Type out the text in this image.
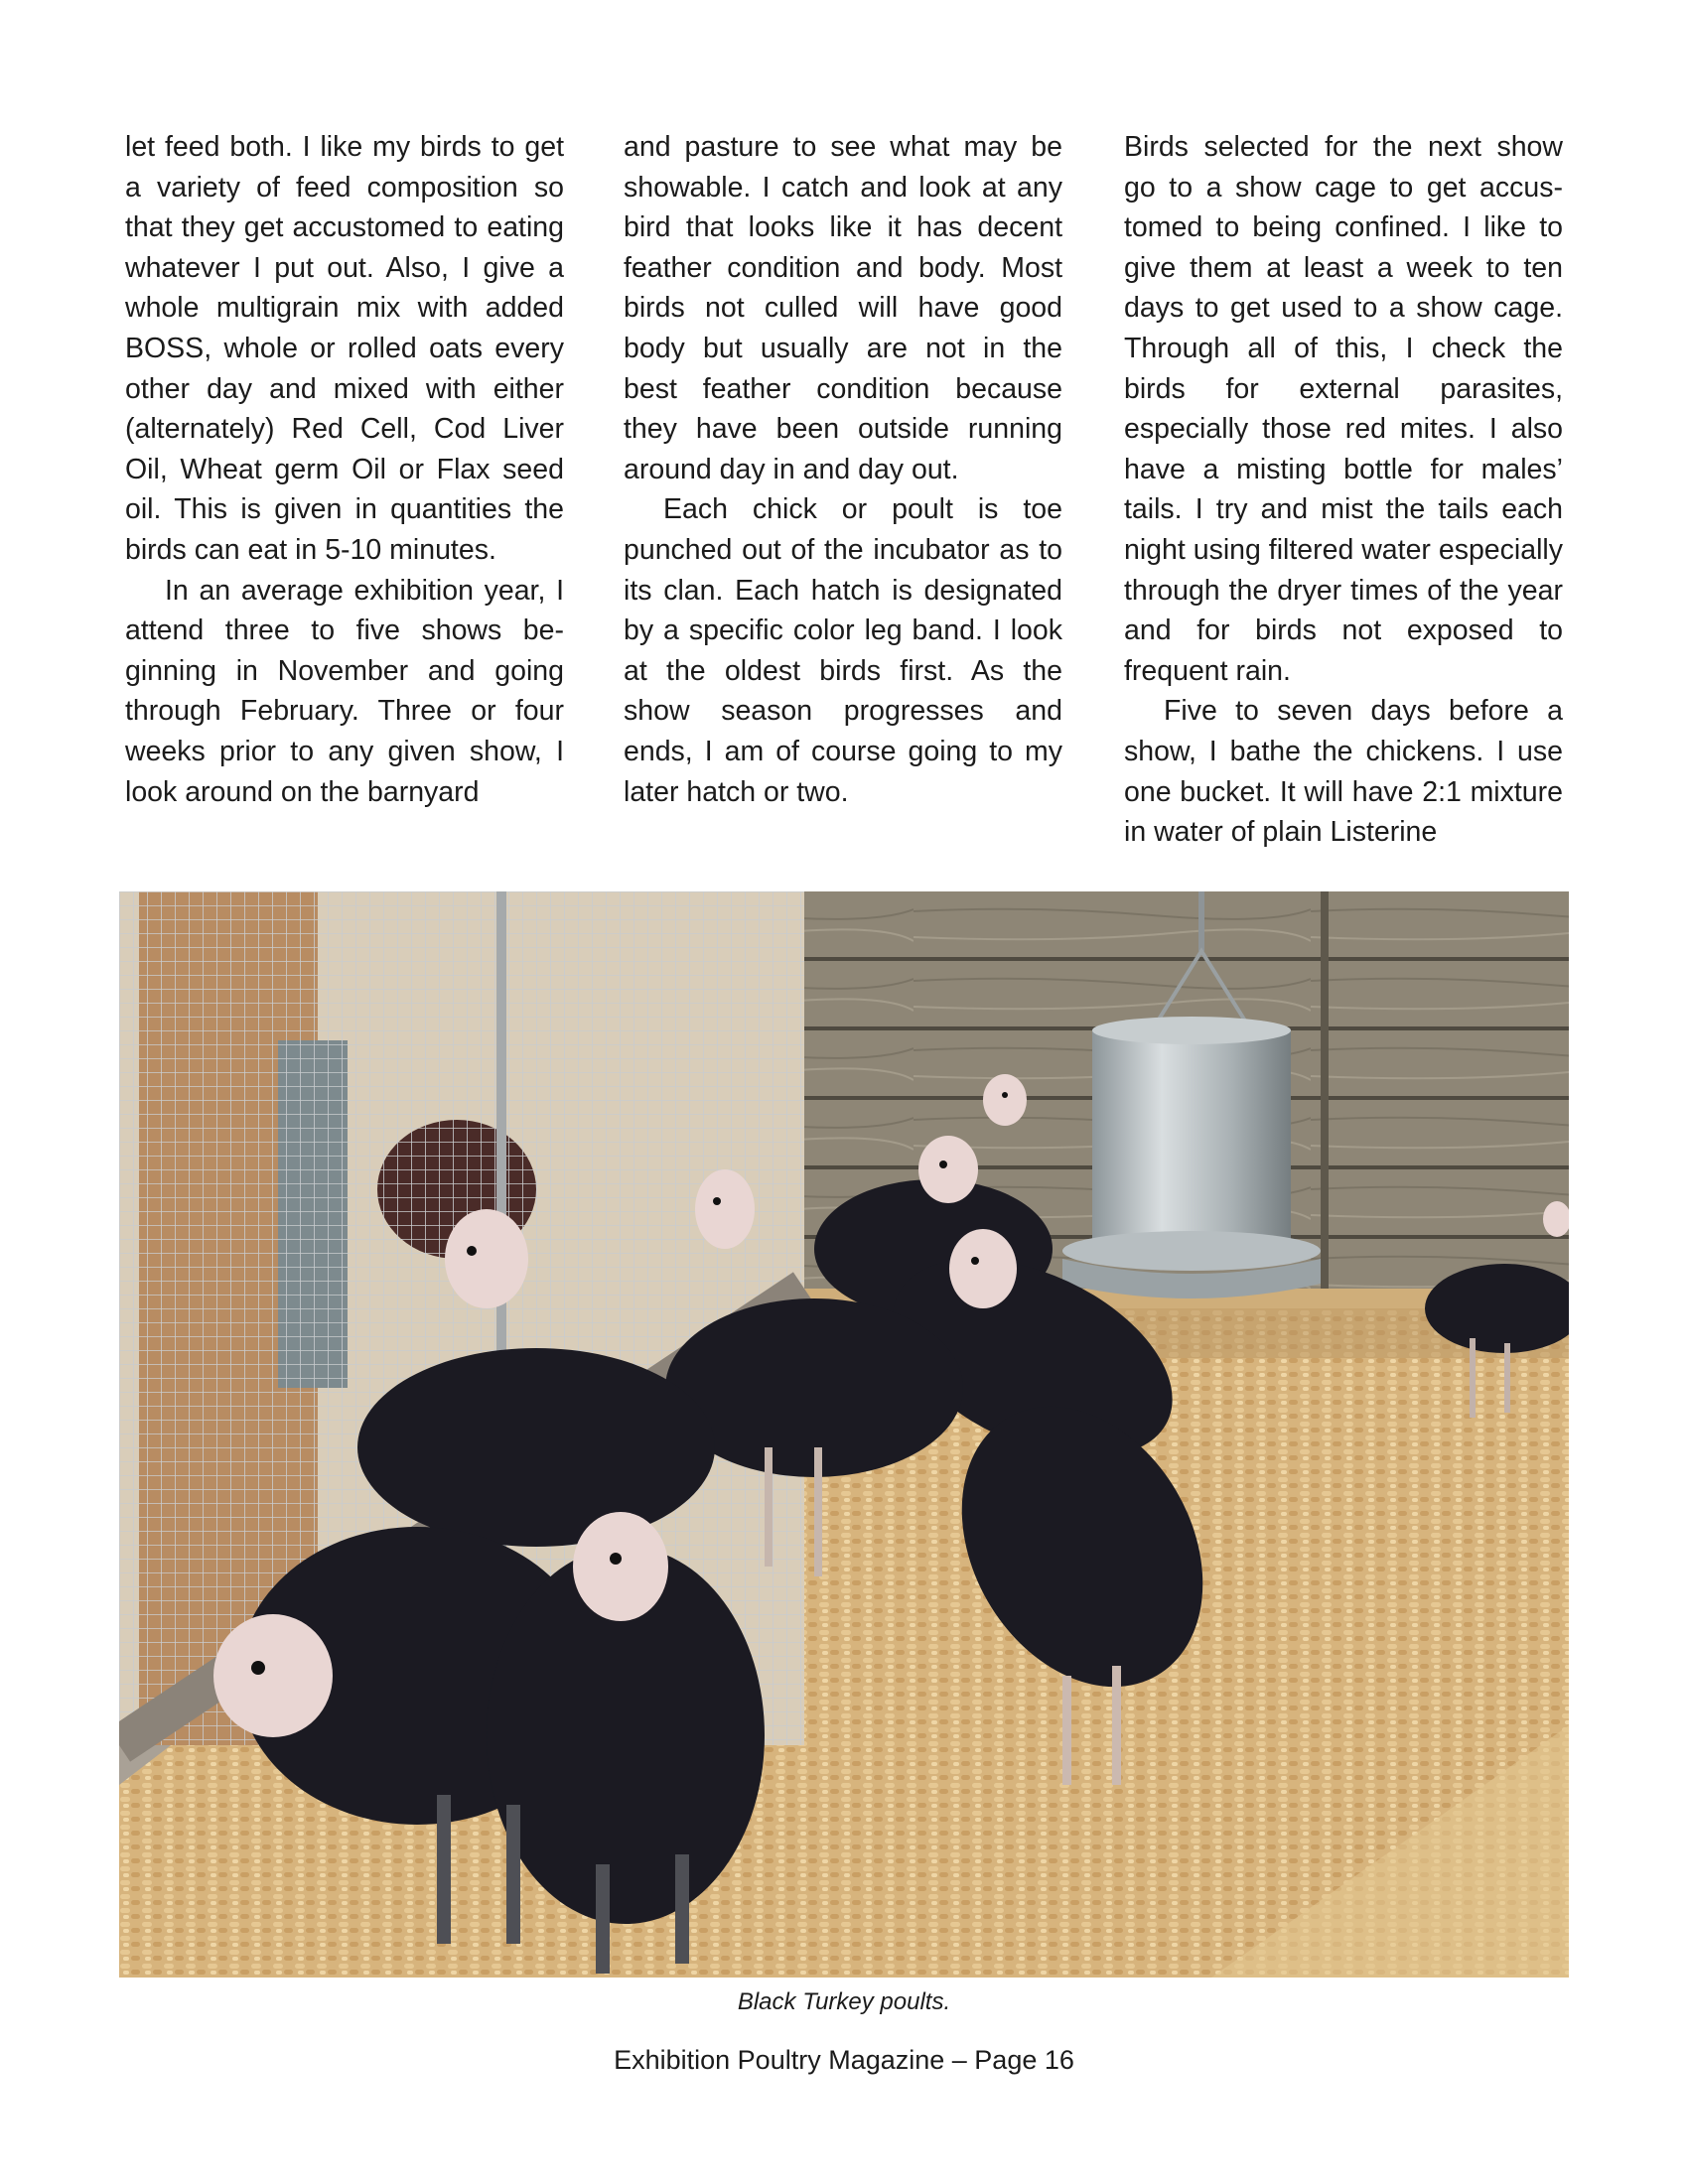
let feed both. I like my birds to get a variety of feed composition so that they get accustomed to eating whatever I put out. Also, I give a whole multigrain mix with added BOSS, whole or rolled oats every other day and mixed with either (alternately) Red Cell, Cod Liver Oil, Wheat germ Oil or Flax seed oil. This is given in quantities the birds can eat in 5-10 minutes.

In an average exhibition year, I attend three to five shows beginning in November and going through February. Three or four weeks prior to any given show, I look around on the barnyard

and pasture to see what may be showable. I catch and look at any bird that looks like it has decent feather condition and body. Most birds not culled will have good body but usually are not in the best feather condition because they have been outside running around day in and day out.

Each chick or poult is toe punched out of the incubator as to its clan. Each hatch is designated by a specific color leg band. I look at the oldest birds first. As the show season progresses and ends, I am of course going to my later hatch or two.

Birds selected for the next show go to a show cage to get accustomed to being confined. I like to give them at least a week to ten days to get used to a show cage. Through all of this, I check the birds for external parasites, especially those red mites. I also have a misting bottle for males’ tails. I try and mist the tails each night using filtered water especially through the dryer times of the year and for birds not exposed to frequent rain.

Five to seven days before a show, I bathe the chickens. I use one bucket. It will have 2:1 mixture in water of plain Listerine

Black Turkey poults.
Exhibition Poultry Magazine – Page 16
